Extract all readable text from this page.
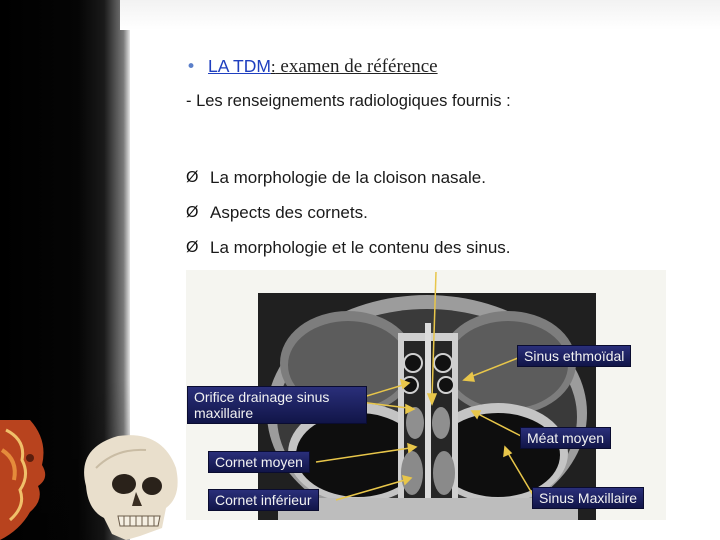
• LA TDM: examen de référence
- Les renseignements radiologiques fournis :
Ø La morphologie de la cloison nasale.
Ø Aspects des cornets.
Ø La morphologie et le contenu des sinus.
Sinus ethmoïdal
Orifice drainage sinus maxillaire
Méat moyen
Cornet moyen
Sinus Maxillaire
Cornet inférieur
